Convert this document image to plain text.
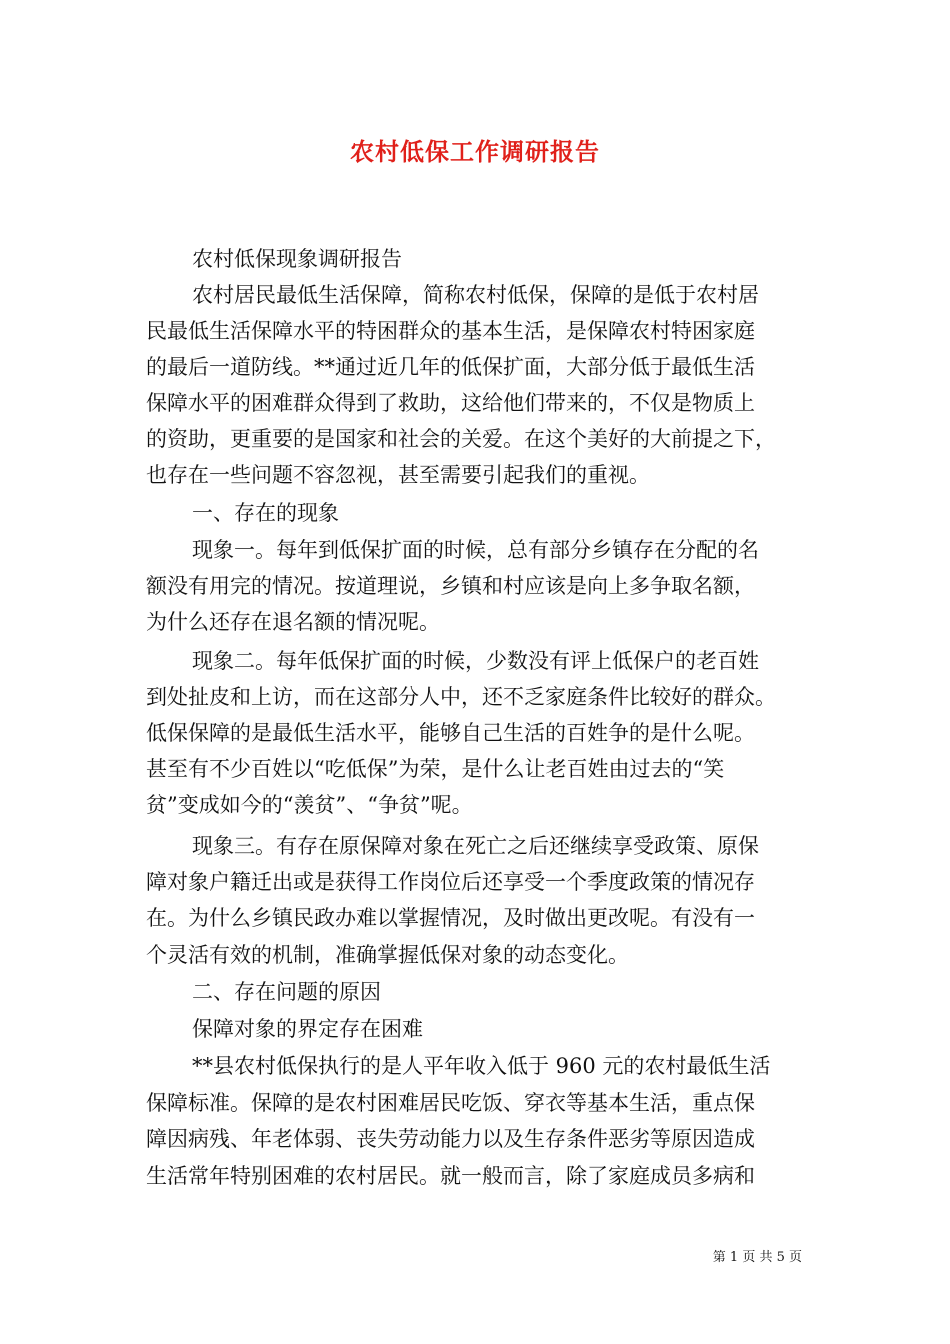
农村低保工作调研报告

农村低保现象调研报告

农村居民最低生活保障，简称农村低保，保障的是低于农村居

民最低生活保障水平的特困群众的基本生活，是保障农村特困家庭

的最后一道防线。**通过近几年的低保扩面，大部分低于最低生活

保障水平的困难群众得到了救助，这给他们带来的，不仅是物质上

的资助，更重要的是国家和社会的关爱。在这个美好的大前提之下，

也存在一些问题不容忽视，甚至需要引起我们的重视。

一、存在的现象

现象一。每年到低保扩面的时候，总有部分乡镇存在分配的名

额没有用完的情况。按道理说，乡镇和村应该是向上多争取名额，

为什么还存在退名额的情况呢。

现象二。每年低保扩面的时候，少数没有评上低保户的老百姓

到处扯皮和上访，而在这部分人中，还不乏家庭条件比较好的群众。

低保保障的是最低生活水平，能够自己生活的百姓争的是什么呢。

甚至有不少百姓以“吃低保”为荣，是什么让老百姓由过去的“笑

贫”变成如今的“羡贫”、“争贫”呢。

现象三。有存在原保障对象在死亡之后还继续享受政策、原保

障对象户籍迁出或是获得工作岗位后还享受一个季度政策的情况存

在。为什么乡镇民政办难以掌握情况，及时做出更改呢。有没有一

个灵活有效的机制，准确掌握低保对象的动态变化。

二、存在问题的原因

保障对象的界定存在困难

**县农村低保执行的是人平年收入低于 960 元的农村最低生活

保障标准。保障的是农村困难居民吃饭、穿衣等基本生活，重点保

障因病残、年老体弱、丧失劳动能力以及生存条件恶劣等原因造成

生活常年特别困难的农村居民。就一般而言，除了家庭成员多病和

第 1 页 共 5 页
